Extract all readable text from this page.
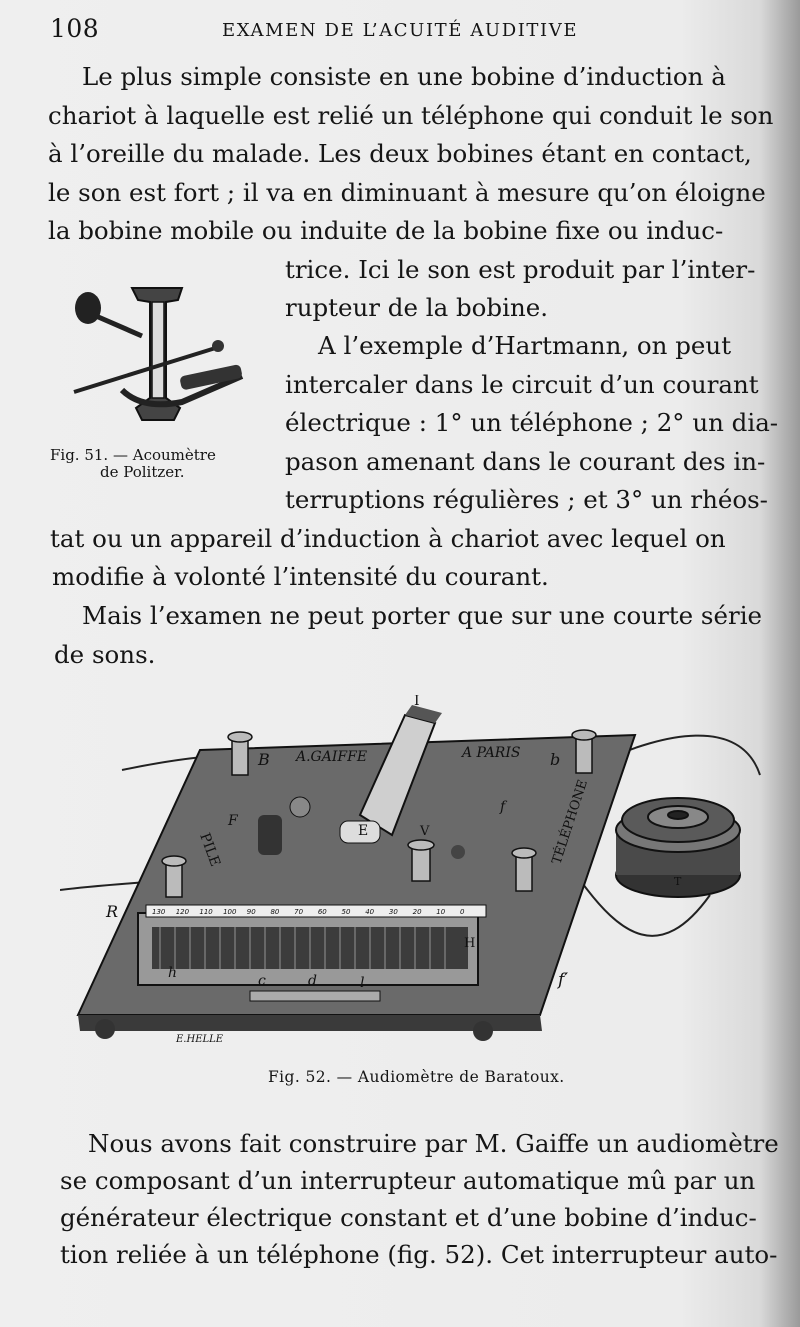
108	EXAMEN DE L’ACUITÉ AUDITIVE
Le plus simple consiste en une bobine d’induction à
chariot à laquelle est relié un téléphone qui conduit le son
à l’oreille du malade. Les deux bobines étant en contact,
le son est fort ; il va en diminuant à mesure qu’on éloigne
la bobine mobile ou induite de la bobine fixe ou induc-
trice. Ici le son est produit par l’inter-
rupteur de la bobine.
A l’exemple d’Hartmann, on peut
intercaler dans le circuit d’un courant
électrique : 1° un téléphone ; 2° un dia-
pason amenant dans le courant des in-
terruptions régulières ; et 3° un rhéos-
tat ou un appareil d’induction à chariot avec lequel on
modifie à volonté l’intensité du courant.
Mais l’examen ne peut porter que sur une courte série
de sons.
Fig. 51. — Acoumètre
de Politzer.
I
A.GAIFFE	A PARIS
B	b
PILE	TÉLÉPHONE
F
f
E	V
R
h
H
f′
c	d	l
T
E.HELLE
130 120 110 100 90 80 70 60 50 40 30 20 10 0
Fig. 52. — Audiomètre de Baratoux.
Nous avons fait construire par M. Gaiffe un audiomètre
se composant d’un interrupteur automatique mû par un
générateur électrique constant et d’une bobine d’induc-
tion reliée à un téléphone (fig. 52). Cet interrupteur auto-
